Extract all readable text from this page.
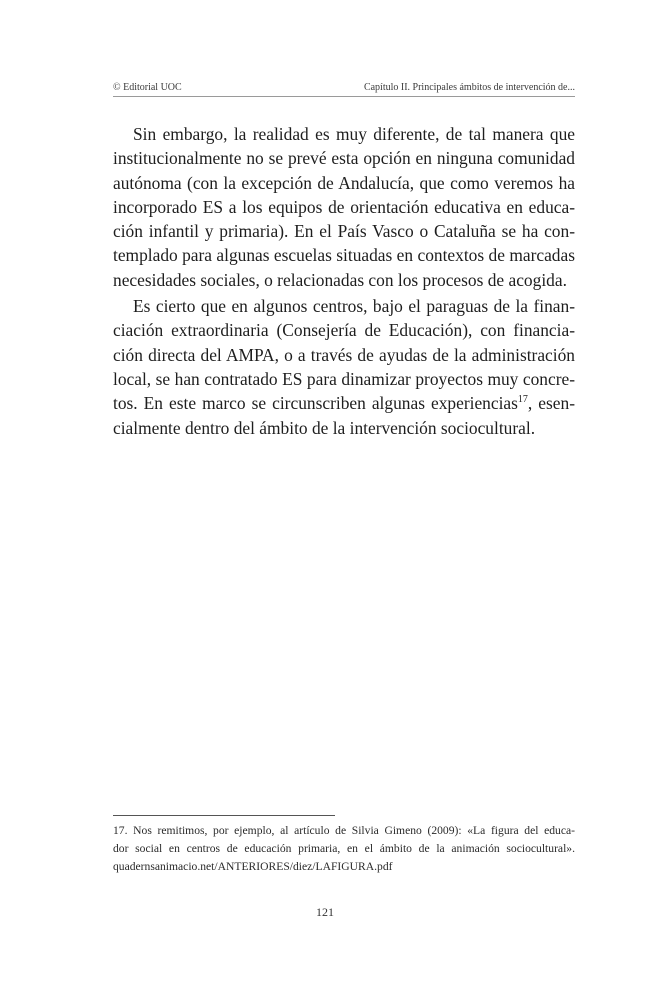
© Editorial UOC	Capítulo II. Principales ámbitos de intervención de...
Sin embargo, la realidad es muy diferente, de tal manera que
institucionalmente no se prevé esta opción en ninguna comunidad
autónoma (con la excepción de Andalucía, que como veremos ha
incorporado ES a los equipos de orientación educativa en educa-
ción infantil y primaria). En el País Vasco o Cataluña se ha con-
templado para algunas escuelas situadas en contextos de marcadas
necesidades sociales, o relacionadas con los procesos de acogida.
Es cierto que en algunos centros, bajo el paraguas de la finan-
ciación extraordinaria (Consejería de Educación), con financia-
ción directa del AMPA, o a través de ayudas de la administración
local, se han contratado ES para dinamizar proyectos muy concre-
tos. En este marco se circunscriben algunas experiencias$^{17}$, esen-
cialmente dentro del ámbito de la intervención sociocultural.
17. Nos remitimos, por ejemplo, al artículo de Silvia Gimeno (2009): «La figura del educa-
dor social en centros de educación primaria, en el ámbito de la animación sociocultural».
quadernsanimacio.net/ANTERIORES/diez/LAFIGURA.pdf
121
